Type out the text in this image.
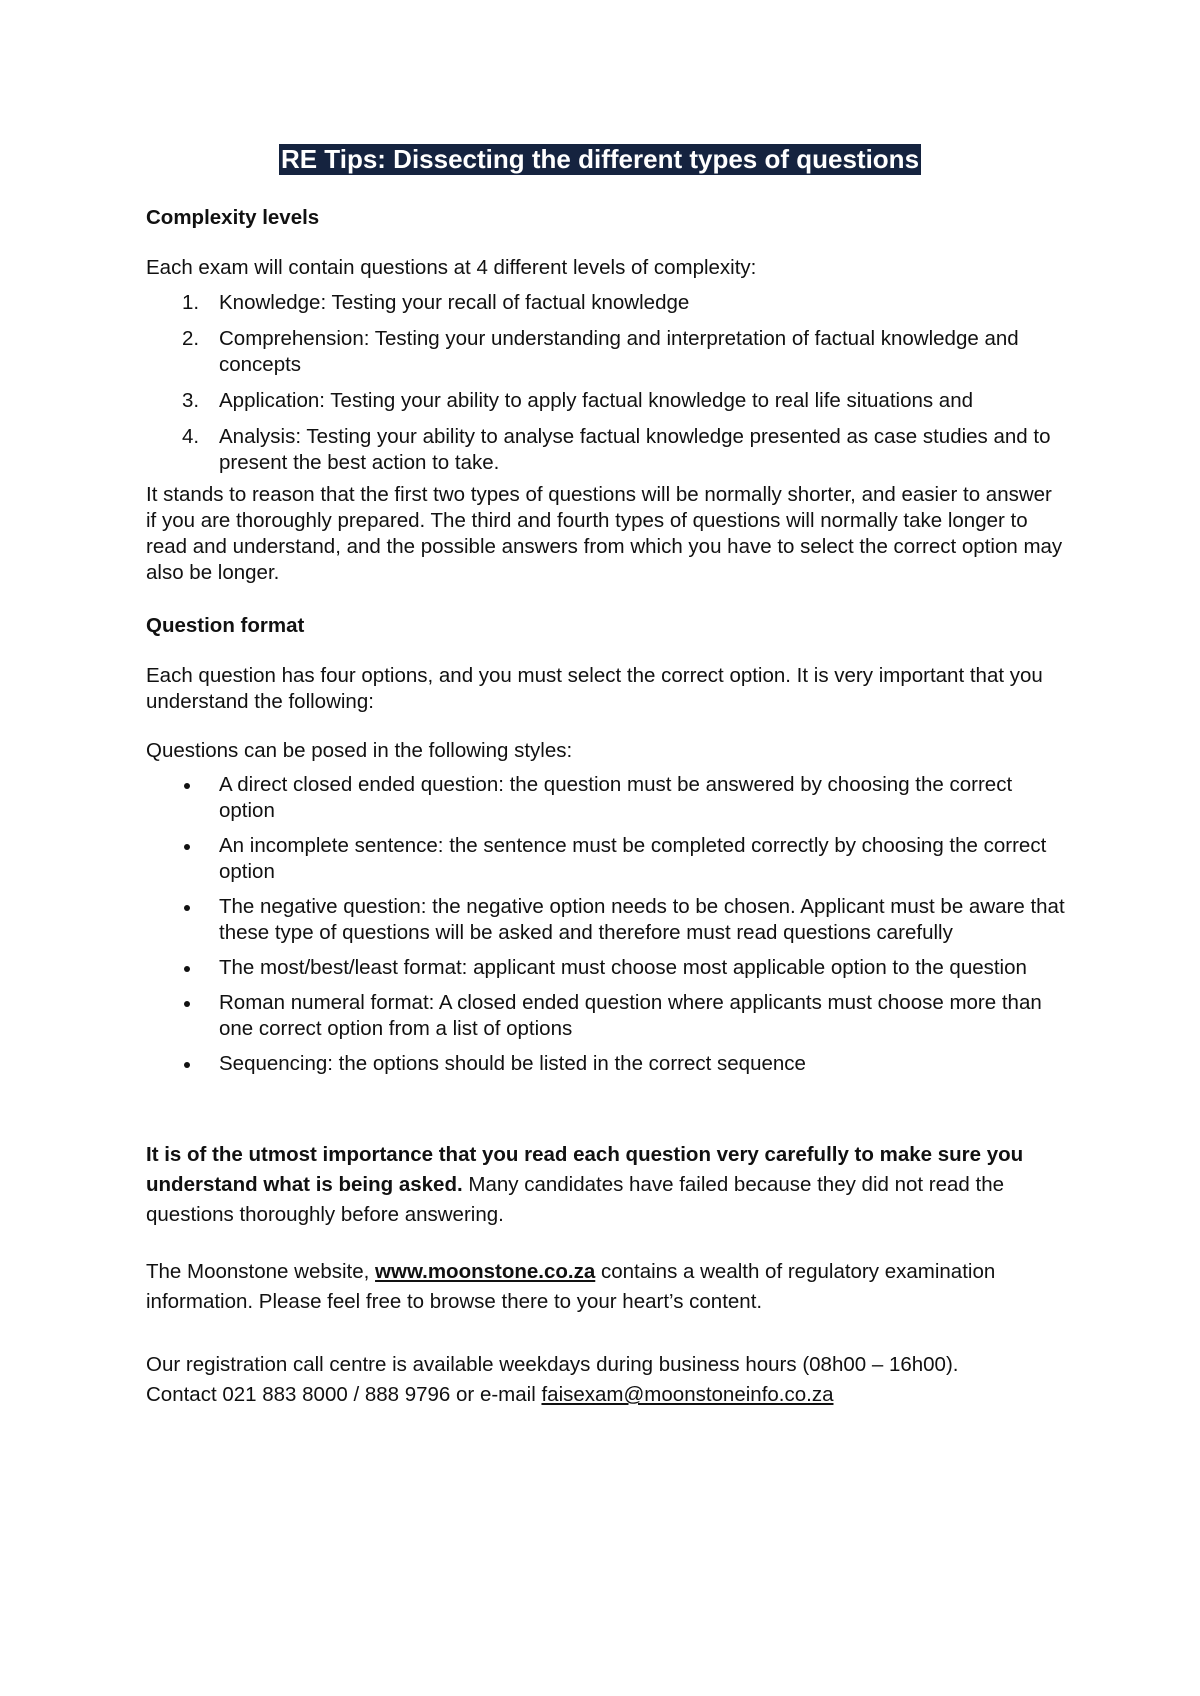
RE Tips: Dissecting the different types of questions

Complexity levels

Each exam will contain questions at 4 different levels of complexity:

1. Knowledge: Testing your recall of factual knowledge
2. Comprehension: Testing your understanding and interpretation of factual knowledge and concepts
3. Application: Testing your ability to apply factual knowledge to real life situations and
4. Analysis: Testing your ability to analyse factual knowledge presented as case studies and to present the best action to take.

It stands to reason that the first two types of questions will be normally shorter, and easier to answer if you are thoroughly prepared. The third and fourth types of questions will normally take longer to read and understand, and the possible answers from which you have to select the correct option may also be longer.

Question format

Each question has four options, and you must select the correct option. It is very important that you understand the following:

Questions can be posed in the following styles:

A direct closed ended question: the question must be answered by choosing the correct option
An incomplete sentence: the sentence must be completed correctly by choosing the correct option
The negative question: the negative option needs to be chosen. Applicant must be aware that these type of questions will be asked and therefore must read questions carefully
The most/best/least format: applicant must choose most applicable option to the question
Roman numeral format: A closed ended question where applicants must choose more than one correct option from a list of options
Sequencing: the options should be listed in the correct sequence

It is of the utmost importance that you read each question very carefully to make sure you understand what is being asked. Many candidates have failed because they did not read the questions thoroughly before answering.

The Moonstone website, www.moonstone.co.za contains a wealth of regulatory examination information. Please feel free to browse there to your heart’s content.

Our registration call centre is available weekdays during business hours (08h00 – 16h00).

Contact 021 883 8000 / 888 9796 or e-mail faisexam@moonstoneinfo.co.za
